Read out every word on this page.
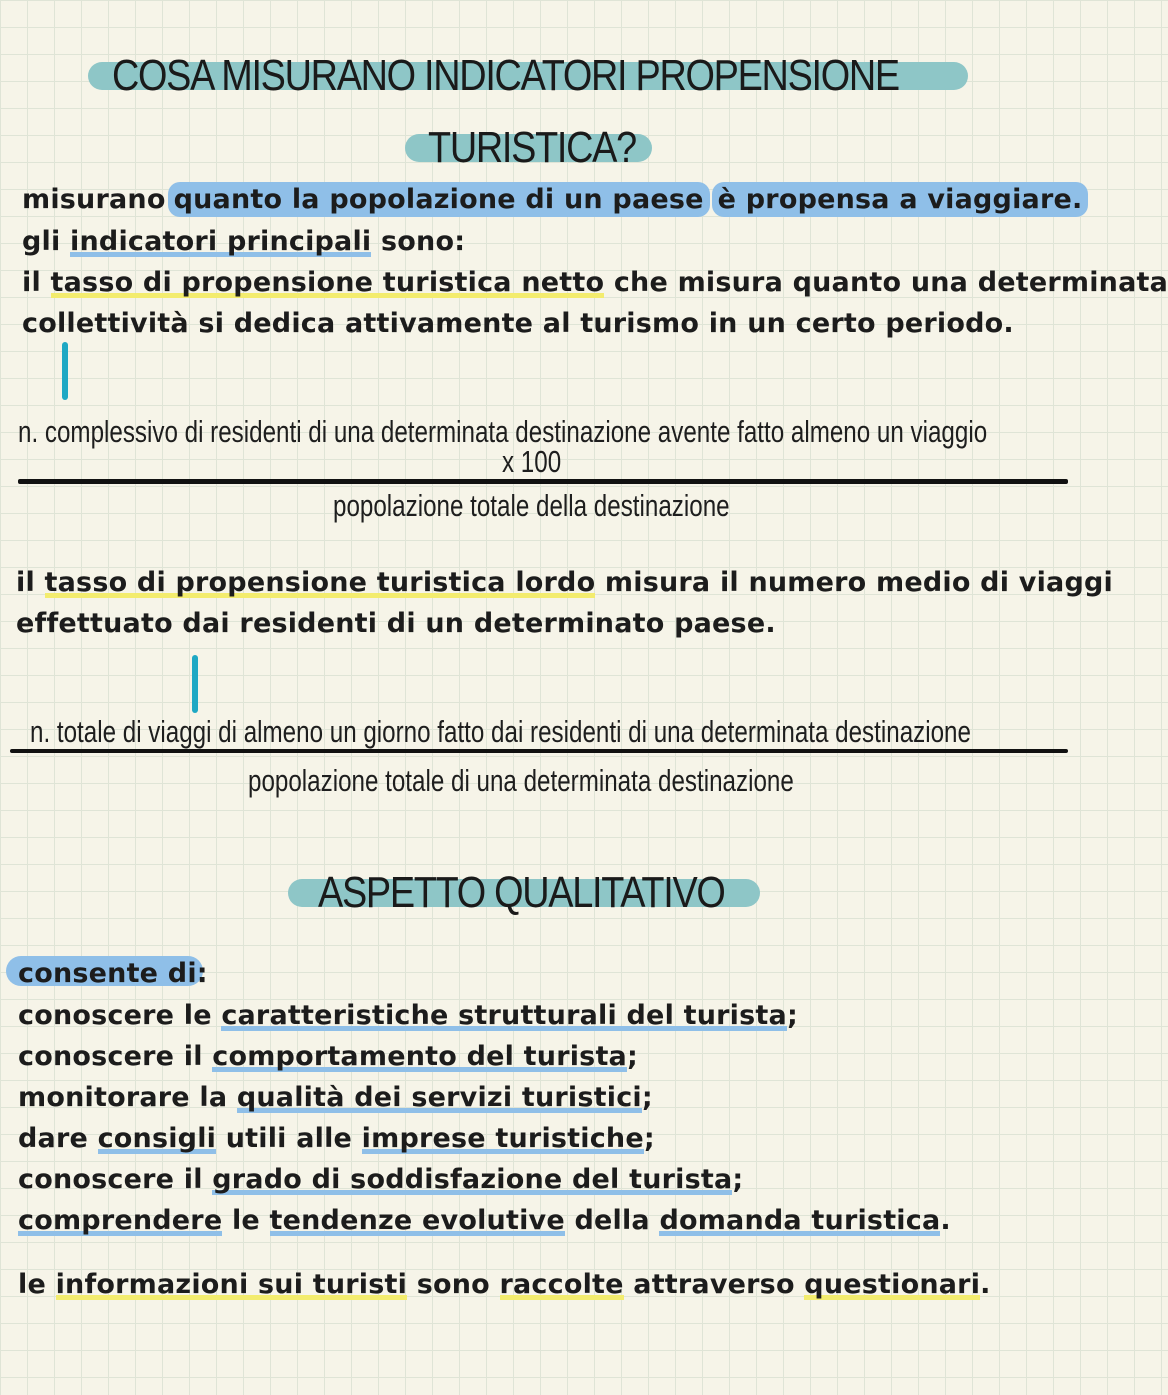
COSA MISURANO INDICATORI PROPENSIONE
TURISTICA?
misurano quanto la popolazione di un paese è propensa a viaggiare.
gli indicatori principali sono:
il tasso di propensione turistica netto che misura quanto una determinata
collettività si dedica attivamente al turismo in un certo periodo.
n. complessivo di residenti di una determinata destinazione avente fatto almeno un viaggio
x 100
popolazione totale della destinazione
il tasso di propensione turistica lordo misura il numero medio di viaggi
effettuato dai residenti di un determinato paese.
n. totale di viaggi di almeno un giorno fatto dai residenti di una determinata destinazione
popolazione totale di una determinata destinazione
ASPETTO QUALITATIVO
consente di:
conoscere le caratteristiche strutturali del turista;
conoscere il comportamento del turista;
monitorare la qualità dei servizi turistici;
dare consigli utili alle imprese turistiche;
conoscere il grado di soddisfazione del turista;
comprendere le tendenze evolutive della domanda turistica.
le informazioni sui turisti sono raccolte attraverso questionari.
